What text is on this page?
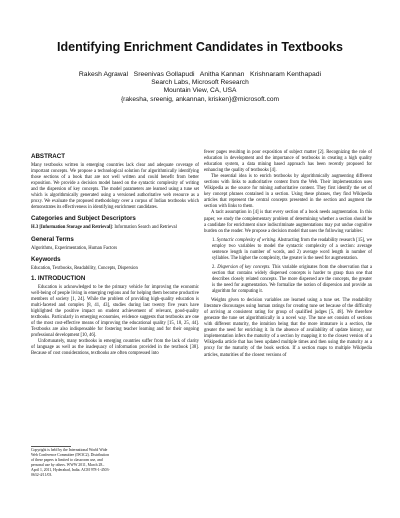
Identifying Enrichment Candidates in Textbooks
Rakesh Agrawal   Sreenivas Gollapudi   Anitha Kannan   Krishnaram Kenthapadi
Search Labs, Microsoft Research
Mountain View, CA, USA
{rakesha, sreenig, ankannan, krisken}@microsoft.com
ABSTRACT

Many textbooks written in emerging countries lack clear and adequate coverage of important concepts. We propose a technological solution for algorithmically identifying those sections of a book that are not well written and could benefit from better exposition. We provide a decision model based on the syntactic complexity of writing and the dispersion of key concepts. The model parameters are learned using a tune set which is algorithmically generated using a versioned authoritative web resource as a proxy. We evaluate the proposed methodology over a corpus of Indian textbooks which demonstrates its effectiveness in identifying enrichment candidates.

Categories and Subject Descriptors

H.3 [Information Storage and Retrieval]: Information Search and Retrieval

General Terms

Algorithms, Experimentation, Human Factors

Keywords

Education, Textbooks, Readability, Concepts, Dispersion

1. INTRODUCTION

Education is acknowledged to be the primary vehicle for improving the economic well-being of people living in emerging regions and for helping them become productive members of society [1, 24]. While the problem of providing high-quality education is multi-faceted and complex [8, 41, 43], studies during last twenty five years have highlighted the positive impact on student achievement of relevant, good-quality textbooks. Particularly in emerging economies, evidence suggests that textbooks are one of the most cost-effective means of improving the educational quality [15, 18, 25, 44]. Textbooks are also indispensable for fostering teacher learning and for their ongoing professional development [10, 46].

Unfortunately, many textbooks in emerging countries suffer from the lack of clarity of language as well as the inadequacy of information provided in the textbook [38]. Because of cost considerations, textbooks are often compressed into

Copyright is held by the International World Wide Web Conference Committee (IW3C2). Distribution of these papers is limited to classroom use, and personal use by others. WWW 2011, March 28–April 1, 2011, Hyderabad, India. ACM 978-1-4503-0632-4/11/03.

fewer pages resulting in poor exposition of subject matter [2]. Recognizing the role of education in development and the importance of textbooks in creating a high quality education system, a data mining based approach has been recently proposed for enhancing the quality of textbooks [4].

The essential idea is to enrich textbooks by algorithmically augmenting different sections with links to authoritative content from the Web. Their implementation uses Wikipedia as the source for mining authoritative content. They first identify the set of key concept phrases contained in a section. Using these phrases, they find Wikipedia articles that represent the central concepts presented in the section and augment the section with links to them.

A tacit assumption in [4] is that every section of a book needs augmentation. In this paper, we study the complementary problem of determining whether a section should be a candidate for enrichment since indiscriminate augmentations may put undue cognitive burden on the reader. We propose a decision model that uses the following variables:

1. Syntactic complexity of writing. Abstracting from the readability research [15], we employ two variables to model the syntactic complexity of a section: average sentence length in number of words, and 2) average word length in number of syllables. The higher the complexity, the greater is the need for augmentation.
2. Dispersion of key concepts. This variable originates from the observation that a section that contains widely dispersed concepts is harder to grasp than one that describes closely related concepts. The more dispersed are the concepts, the greater is the need for augmentation. We formalize the notion of dispersion and provide an algorithm for computing it.

Weights given to decision variables are learned using a tune set. The readability literature discourages using human ratings for creating tune set because of the difficulty of arriving at consistent rating for group of qualified judges [5, 48]. We therefore generate the tune set algorithmically in a novel way. The tune set consists of sections with different maturity, the intuition being that the more immature is a section, the greater the need for enriching it. In the absence of availability of update history, our implementation infers the maturity of a section by mapping it to the closest version of a Wikipedia article that has been updated multiple times and then using the maturity as a proxy for the maturity of the book section. If a section maps to multiple Wikipedia articles, maturities of the closest versions of
